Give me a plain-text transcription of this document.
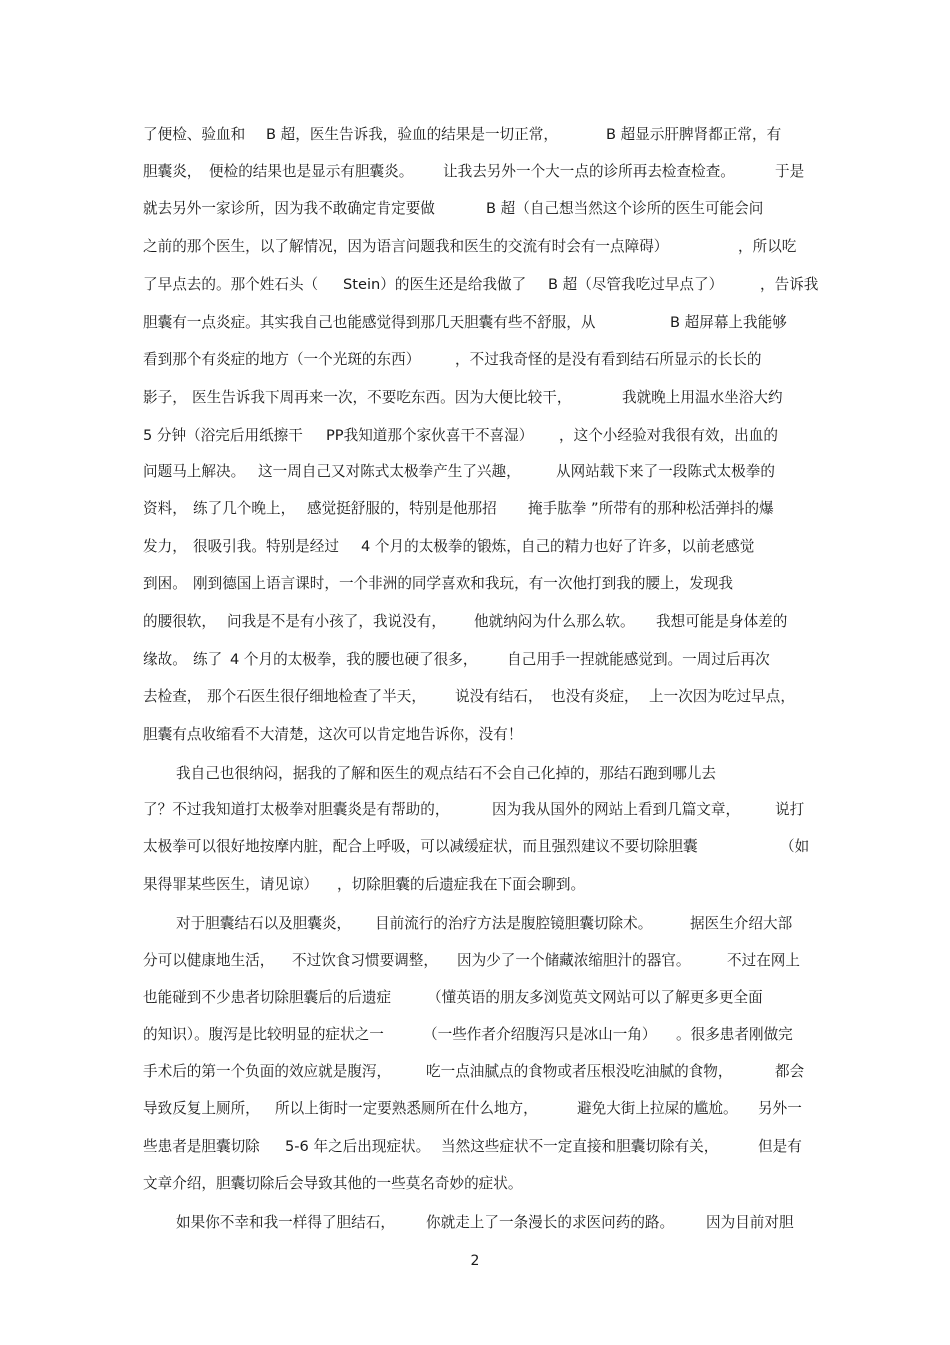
了便检、验血和 B 超，医生告诉我，验血的结果是一切正常，	B 超显示肝脾肾都正常，有
胆囊炎， 便检的结果也是显示有胆囊炎。 让我去另外一个大一点的诊所再去检查检查。	于是
就去另外一家诊所，因为我不敢确定肯定要做	B 超（自己想当然这个诊所的医生可能会问
之前的那个医生，以了解情况，因为语言问题我和医生的交流有时会有一点障碍）	，所以吃
了早点去的。那个姓石头（ Stein）的医生还是给我做了 B 超（尽管我吃过早点了）	，告诉我
胆囊有一点炎症。其实我自己也能感觉得到那几天胆囊有些不舒服，从	B 超屏幕上我能够
看到那个有炎症的地方（一个光斑的东西） ，不过我奇怪的是没有看到结石所显示的长长的
影子， 医生告诉我下周再来一次，不要吃东西。因为大便比较干，	我就晚上用温水坐浴大约
5 分钟（浴完后用纸擦干 PP我知道那个家伙喜干不喜湿） ，这个小经验对我很有效，出血的
问题马上解决。 这一周自己又对陈式太极拳产生了兴趣， 从网站载下来了一段陈式太极拳的
资料， 练了几个晚上， 感觉挺舒服的，特别是他那招 掩手肱拳 ”所带有的那种松活弹抖的爆
发力， 很吸引我。特别是经过 4 个月的太极拳的锻炼，自己的精力也好了许多，以前老感觉
到困。 刚到德国上语言课时，一个非洲的同学喜欢和我玩，有一次他打到我的腰上，发现我
的腰很软， 问我是不是有小孩了，我说没有， 他就纳闷为什么那么软。 我想可能是身体差的
缘故。 练了 4 个月的太极拳，我的腰也硬了很多， 自己用手一捏就能感觉到。一周过后再次
去检查， 那个石医生很仔细地检查了半天， 说没有结石， 也没有炎症， 上一次因为吃过早点，
胆囊有点收缩看不大清楚，这次可以肯定地告诉你，没有！
我自己也很纳闷，据我的了解和医生的观点结石不会自己化掉的，那结石跑到哪儿去
了？不过我知道打太极拳对胆囊炎是有帮助的，	因为我从国外的网站上看到几篇文章， 说打
太极拳可以很好地按摩内脏，配合上呼吸，可以减缓症状，而且强烈建议不要切除胆囊	（如
果得罪某些医生，请见谅） ，切除胆囊的后遗症我在下面会聊到。
对于胆囊结石以及胆囊炎， 目前流行的治疗方法是腹腔镜胆囊切除术。	据医生介绍大部
分可以健康地生活， 不过饮食习惯要调整， 因为少了一个储藏浓缩胆汁的器官。 不过在网上
也能碰到不少患者切除胆囊后的后遗症 （懂英语的朋友多浏览英文网站可以了解更多更全面
的知识）。腹泻是比较明显的症状之一	（一些作者介绍腹泻只是冰山一角） 。很多患者刚做完
手术后的第一个负面的效应就是腹泻， 吃一点油腻点的食物或者压根没吃油腻的食物，	都会
导致反复上厕所， 所以上街时一定要熟悉厕所在什么地方，	避免大街上拉屎的尴尬。 另外一
些患者是胆囊切除 5-6 年之后出现症状。 当然这些症状不一定直接和胆囊切除有关，	但是有
文章介绍，胆囊切除后会导致其他的一些莫名奇妙的症状。
如果你不幸和我一样得了胆结石， 你就走上了一条漫长的求医问药的路。 因为目前对胆
2
